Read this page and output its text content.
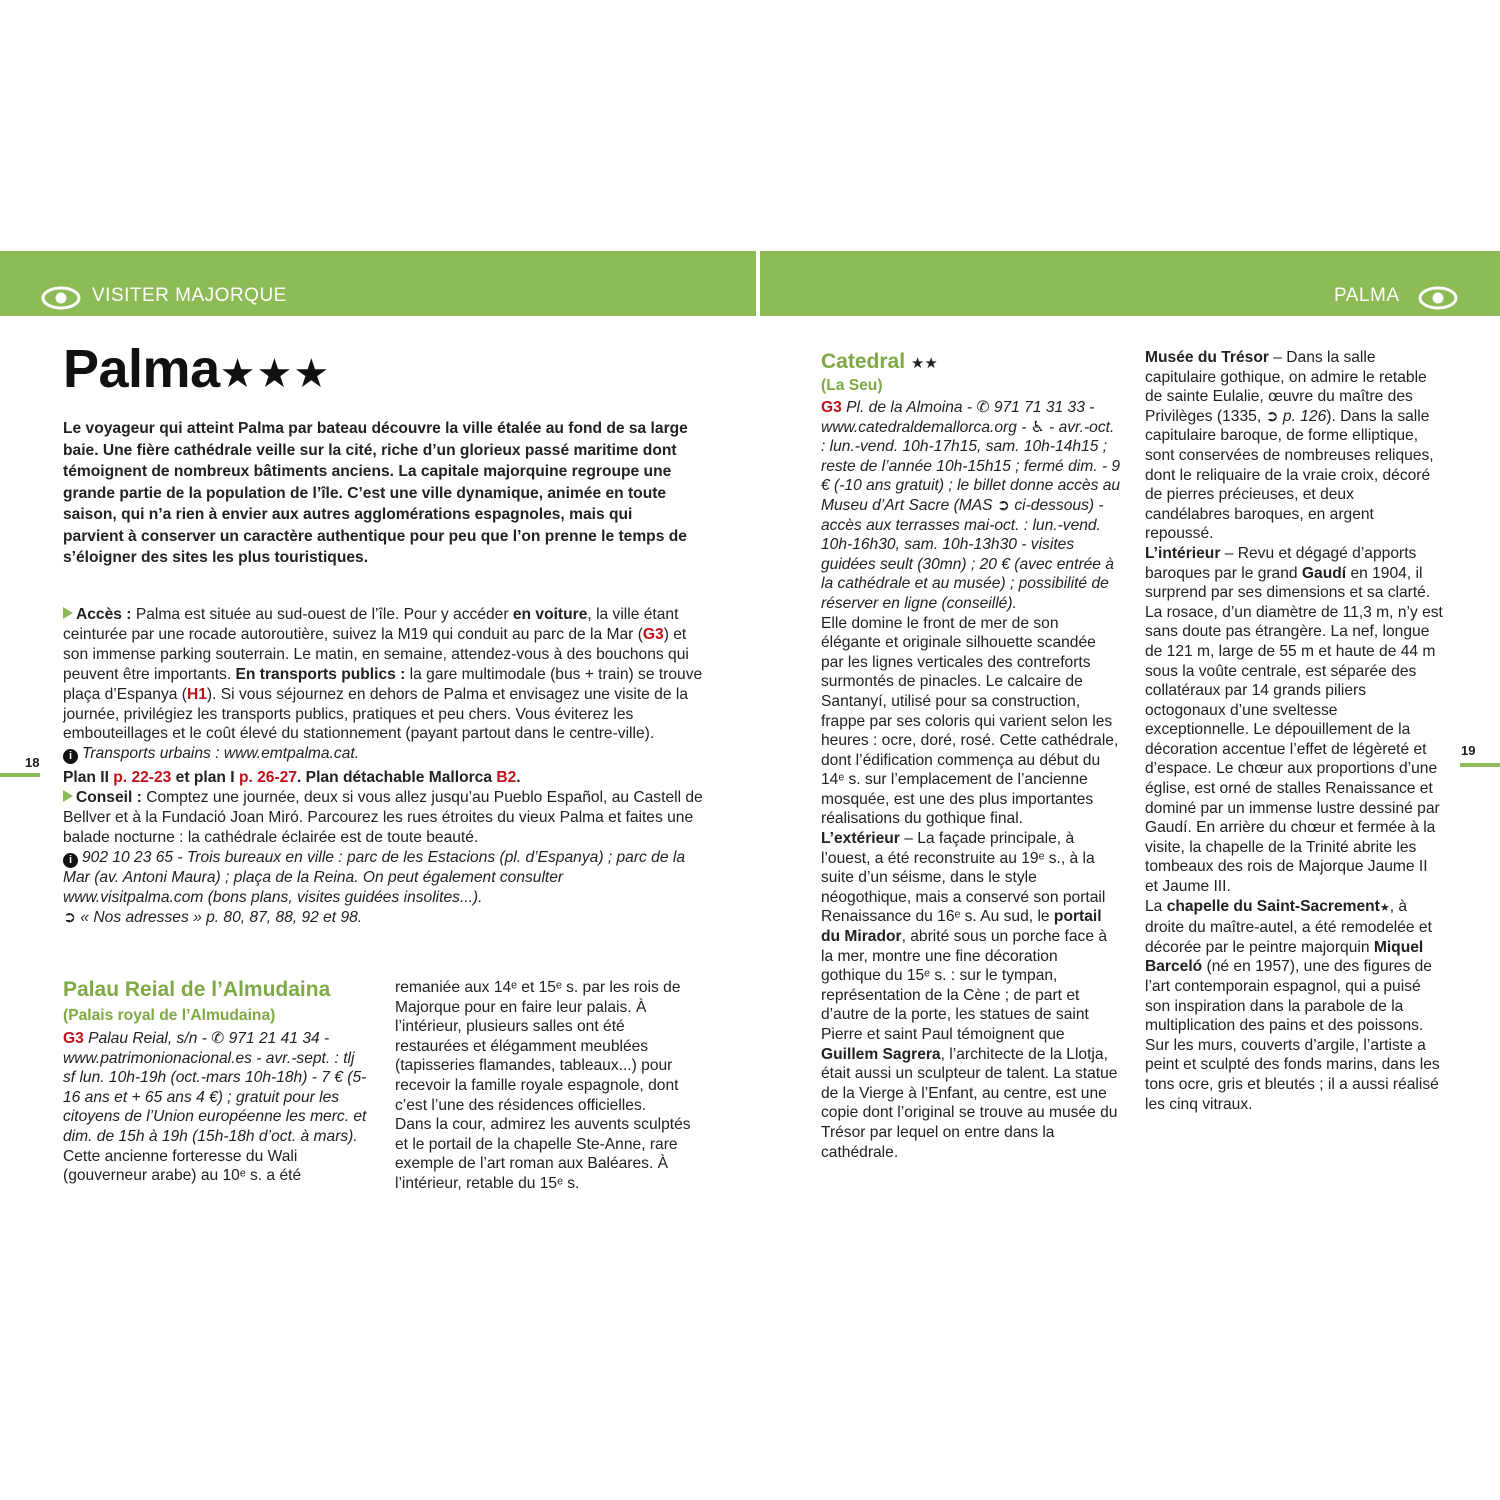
VISITER MAJORQUE	PALMA
18
19
Palma★★★
Le voyageur qui atteint Palma par bateau découvre la ville étalée au fond de sa large baie. Une fière cathédrale veille sur la cité, riche d’un glorieux passé maritime dont témoignent de nombreux bâtiments anciens. La capitale majorquine regroupe une grande partie de la population de l’île. C’est une ville dynamique, animée en toute saison, qui n’a rien à envier aux autres agglomérations espagnoles, mais qui parvient à conserver un caractère authentique pour peu que l’on prenne le temps de s’éloigner des sites les plus touristiques.

Accès : Palma est située au sud-ouest de l’île. Pour y accéder en voiture, la ville étant ceinturée par une rocade autoroutière, suivez la M19 qui conduit au parc de la Mar (G3) et son immense parking souterrain. Le matin, en semaine, attendez-vous à des bouchons qui peuvent être importants. En transports publics : la gare multimodale (bus + train) se trouve plaça d’Espanya (H1). Si vous séjournez en dehors de Palma et envisagez une visite de la journée, privilégiez les transports publics, pratiques et peu chers. Vous éviterez les embouteillages et le coût élevé du stationnement (payant partout dans le centre-ville).

i Transports urbains : www.emtpalma.cat.

Plan II p. 22-23 et plan I p. 26-27. Plan détachable Mallorca B2.

Conseil : Comptez une journée, deux si vous allez jusqu’au Pueblo Español, au Castell de Bellver et à la Fundació Joan Miró. Parcourez les rues étroites du vieux Palma et faites une balade nocturne : la cathédrale éclairée est de toute beauté.

i 902 10 23 65 - Trois bureaux en ville : parc de les Estacions (pl. d’Espanya) ; parc de la Mar (av. Antoni Maura) ; plaça de la Reina. On peut également consulter www.visitpalma.com (bons plans, visites guidées insolites...).

➲ « Nos adresses » p. 80, 87, 88, 92 et 98.

Palau Reial de l’Almudaina
(Palais royal de l’Almudaina)

G3 Palau Reial, s/n - ✆ 971 21 41 34 - www.patrimonionacional.es - avr.-sept. : tlj sf lun. 10h-19h (oct.-mars 10h-18h) - 7 € (5-16 ans et + 65 ans 4 €) ; gratuit pour les citoyens de l’Union européenne les merc. et dim. de 15h à 19h (15h-18h d’oct. à mars).

Cette ancienne forteresse du Wali (gouverneur arabe) au 10ᵉ s. a été

remaniée aux 14ᵉ et 15ᵉ s. par les rois de Majorque pour en faire leur palais. À l’intérieur, plusieurs salles ont été restaurées et élégamment meublées (tapisseries flamandes, tableaux...) pour recevoir la famille royale espagnole, dont c’est l’une des résidences officielles.

Dans la cour, admirez les auvents sculptés et le portail de la chapelle Ste-Anne, rare exemple de l’art roman aux Baléares. À l’intérieur, retable du 15ᵉ s.

Catedral ★★
(La Seu)

G3 Pl. de la Almoina - ✆ 971 71 31 33 - www.catedraldemallorca.org - ♿ - avr.-oct. : lun.-vend. 10h-17h15, sam. 10h-14h15 ; reste de l’année 10h-15h15 ; fermé dim. - 9 € (-10 ans gratuit) ; le billet donne accès au Museu d’Art Sacre (MAS ➲ ci-dessous) - accès aux terrasses mai-oct. : lun.-vend. 10h-16h30, sam. 10h-13h30 - visites guidées seult (30mn) ; 20 € (avec entrée à la cathédrale et au musée) ; possibilité de réserver en ligne (conseillé).

Elle domine le front de mer de son élégante et originale silhouette scandée par les lignes verticales des contreforts surmontés de pinacles. Le calcaire de Santanyí, utilisé pour sa construction, frappe par ses coloris qui varient selon les heures : ocre, doré, rosé. Cette cathédrale, dont l’édification commença au début du 14ᵉ s. sur l’emplacement de l’ancienne mosquée, est une des plus importantes réalisations du gothique final.

L’extérieur – La façade principale, à l’ouest, a été reconstruite au 19ᵉ s., à la suite d’un séisme, dans le style néogothique, mais a conservé son portail Renaissance du 16ᵉ s. Au sud, le portail du Mirador, abrité sous un porche face à la mer, montre une fine décoration gothique du 15ᵉ s. : sur le tympan, représentation de la Cène ; de part et d’autre de la porte, les statues de saint Pierre et saint Paul témoignent que Guillem Sagrera, l’architecte de la Llotja, était aussi un sculpteur de talent. La statue de la Vierge à l’Enfant, au centre, est une copie dont l’original se trouve au musée du Trésor par lequel on entre dans la cathédrale.

Musée du Trésor – Dans la salle capitulaire gothique, on admire le retable de sainte Eulalie, œuvre du maître des Privilèges (1335, ➲ p. 126). Dans la salle capitulaire baroque, de forme elliptique, sont conservées de nombreuses reliques, dont le reliquaire de la vraie croix, décoré de pierres précieuses, et deux candélabres baroques, en argent repoussé.

L’intérieur – Revu et dégagé d’apports baroques par le grand Gaudí en 1904, il surprend par ses dimensions et sa clarté. La rosace, d’un diamètre de 11,3 m, n’y est sans doute pas étrangère. La nef, longue de 121 m, large de 55 m et haute de 44 m sous la voûte centrale, est séparée des collatéraux par 14 grands piliers octogonaux d’une sveltesse exceptionnelle. Le dépouillement de la décoration accentue l’effet de légèreté et d’espace. Le chœur aux proportions d’une église, est orné de stalles Renaissance et dominé par un immense lustre dessiné par Gaudí. En arrière du chœur et fermée à la visite, la chapelle de la Trinité abrite les tombeaux des rois de Majorque Jaume II et Jaume III.

La chapelle du Saint-Sacrement★, à droite du maître-autel, a été remodelée et décorée par le peintre majorquin Miquel Barceló (né en 1957), une des figures de l’art contemporain espagnol, qui a puisé son inspiration dans la parabole de la multiplication des pains et des poissons. Sur les murs, couverts d’argile, l’artiste a peint et sculpté des fonds marins, dans les tons ocre, gris et bleutés ; il a aussi réalisé les cinq vitraux.
